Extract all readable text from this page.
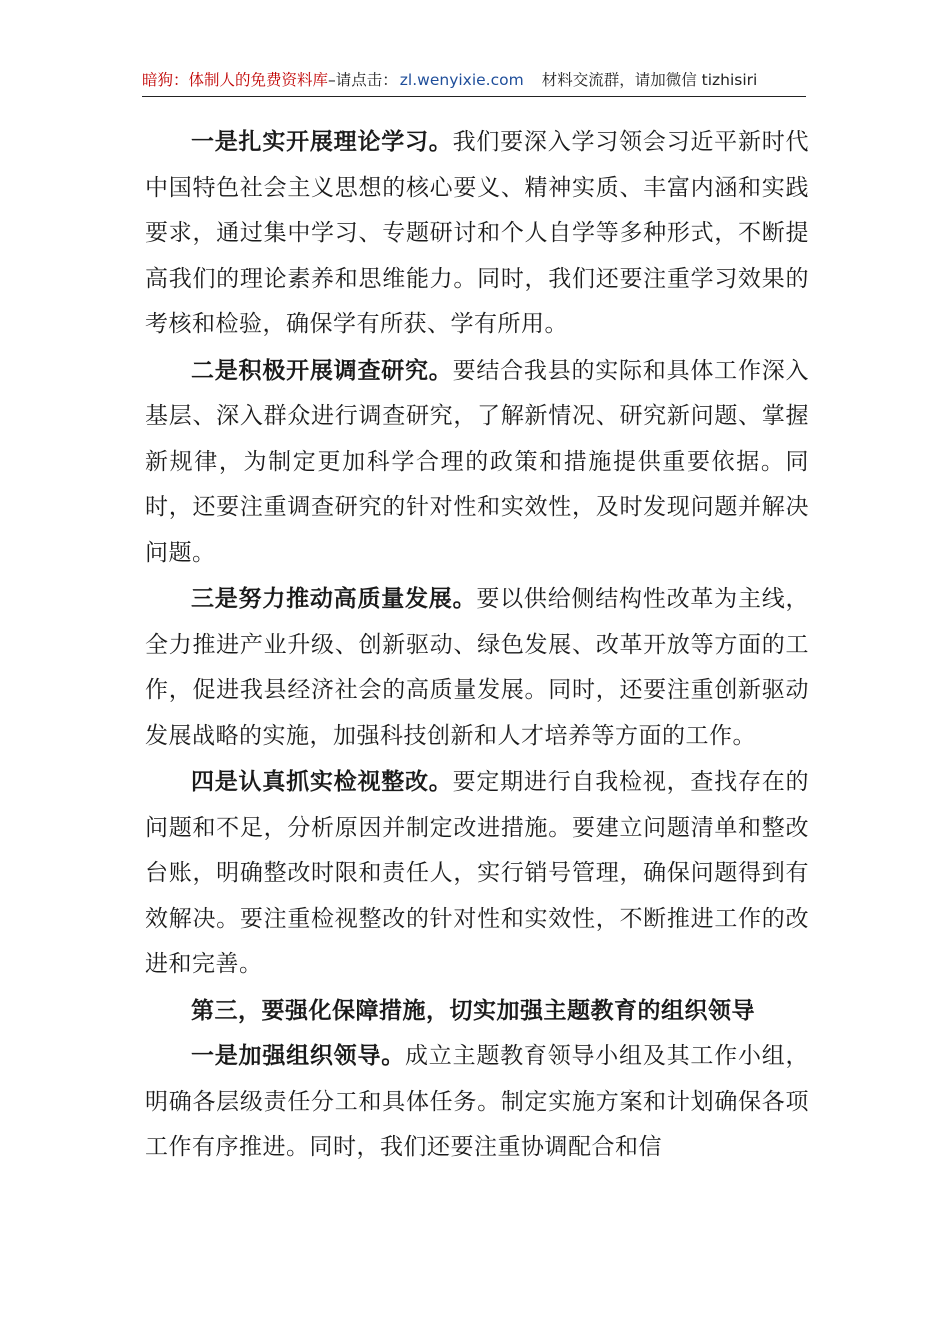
暗狗：体制人的免费资料库–请点击： zl.wenyixie.com 材料交流群，请加微信 tizhisiri

一是扎实开展理论学习。我们要深入学习领会习近平新时代中国特色社会主义思想的核心要义、精神实质、丰富内涵和实践要求，通过集中学习、专题研讨和个人自学等多种形式，不断提高我们的理论素养和思维能力。同时，我们还要注重学习效果的考核和检验，确保学有所获、学有所用。

二是积极开展调查研究。要结合我县的实际和具体工作深入基层、深入群众进行调查研究，了解新情况、研究新问题、掌握新规律，为制定更加科学合理的政策和措施提供重要依据。同时，还要注重调查研究的针对性和实效性，及时发现问题并解决问题。

三是努力推动高质量发展。要以供给侧结构性改革为主线，全力推进产业升级、创新驱动、绿色发展、改革开放等方面的工作，促进我县经济社会的高质量发展。同时，还要注重创新驱动发展战略的实施，加强科技创新和人才培养等方面的工作。

四是认真抓实检视整改。要定期进行自我检视，查找存在的问题和不足，分析原因并制定改进措施。要建立问题清单和整改台账，明确整改时限和责任人，实行销号管理，确保问题得到有效解决。要注重检视整改的针对性和实效性，不断推进工作的改进和完善。

第三，要强化保障措施，切实加强主题教育的组织领导

一是加强组织领导。成立主题教育领导小组及其工作小组，明确各层级责任分工和具体任务。制定实施方案和计划确保各项工作有序推进。同时，我们还要注重协调配合和信
